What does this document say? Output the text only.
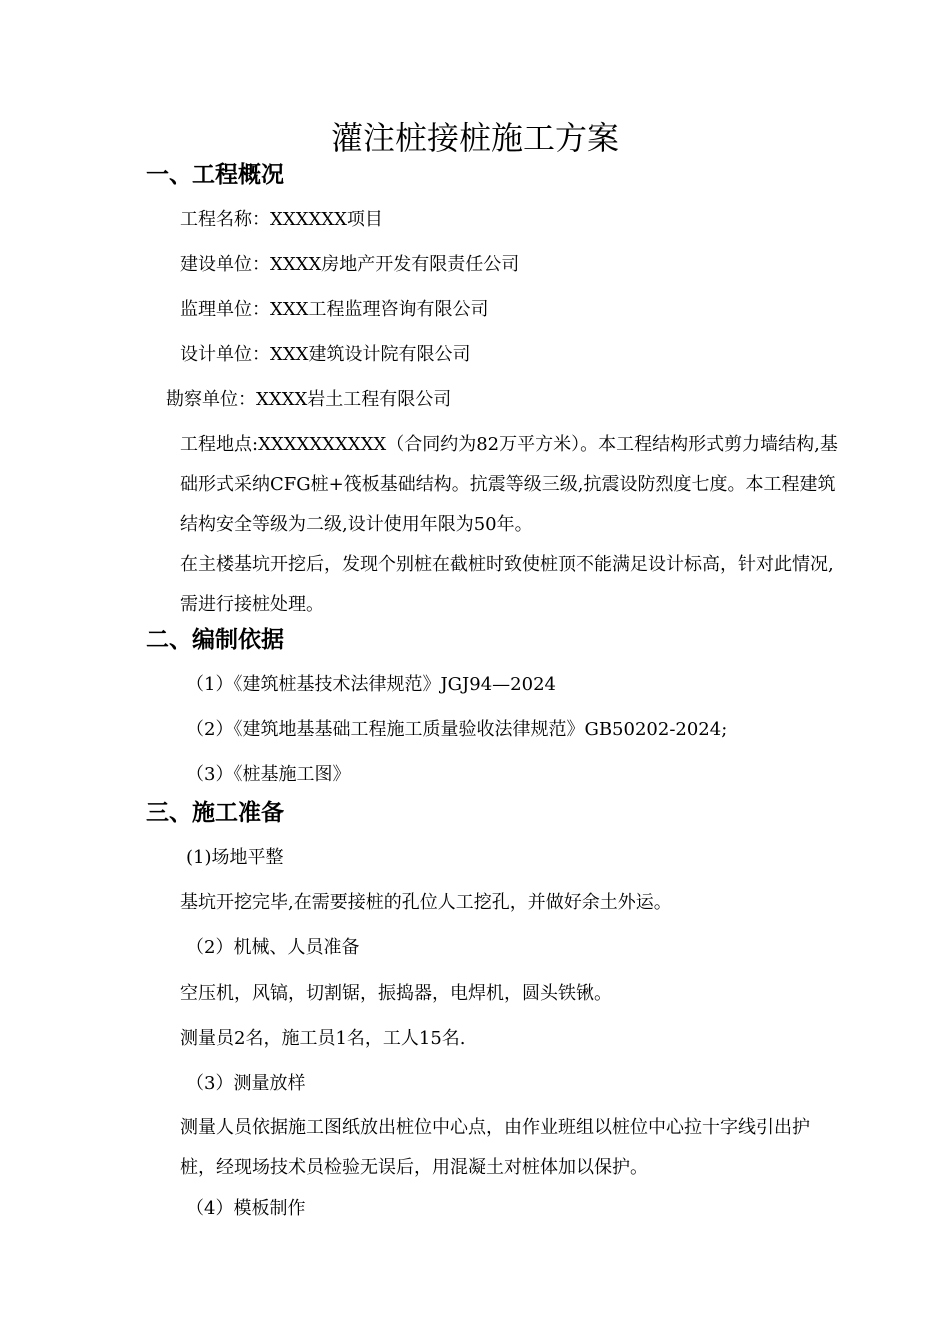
灌注桩接桩施工方案
一、工程概况

工程名称：XXXXXX项目

建设单位：XXXX房地产开发有限责任公司

监理单位：XXX工程监理咨询有限公司

设计单位：XXX建筑设计院有限公司

勘察单位：XXXX岩土工程有限公司

工程地点:XXXXXXXXXX（合同约为82万平方米）。本工程结构形式剪力墙结构,基础形式采纳CFG桩+筏板基础结构。抗震等级三级,抗震设防烈度七度。本工程建筑结构安全等级为二级,设计使用年限为50年。

在主楼基坑开挖后，发现个别桩在截桩时致使桩顶不能满足设计标高，针对此情况,需进行接桩处理。

二、编制依据

（1）《建筑桩基技术法律规范》JGJ94—2024

（2）《建筑地基基础工程施工质量验收法律规范》GB50202-2024;

（3）《桩基施工图》

三、施工准备

(1)场地平整

基坑开挖完毕,在需要接桩的孔位人工挖孔，并做好余土外运。

（2）机械、人员准备

空压机，风镐，切割锯，振捣器，电焊机，圆头铁锹。

测量员2名，施工员1名，工人15名.

（3）测量放样

测量人员依据施工图纸放出桩位中心点，由作业班组以桩位中心拉十字线引出护桩，经现场技术员检验无误后，用混凝土对桩体加以保护。

（4）模板制作
